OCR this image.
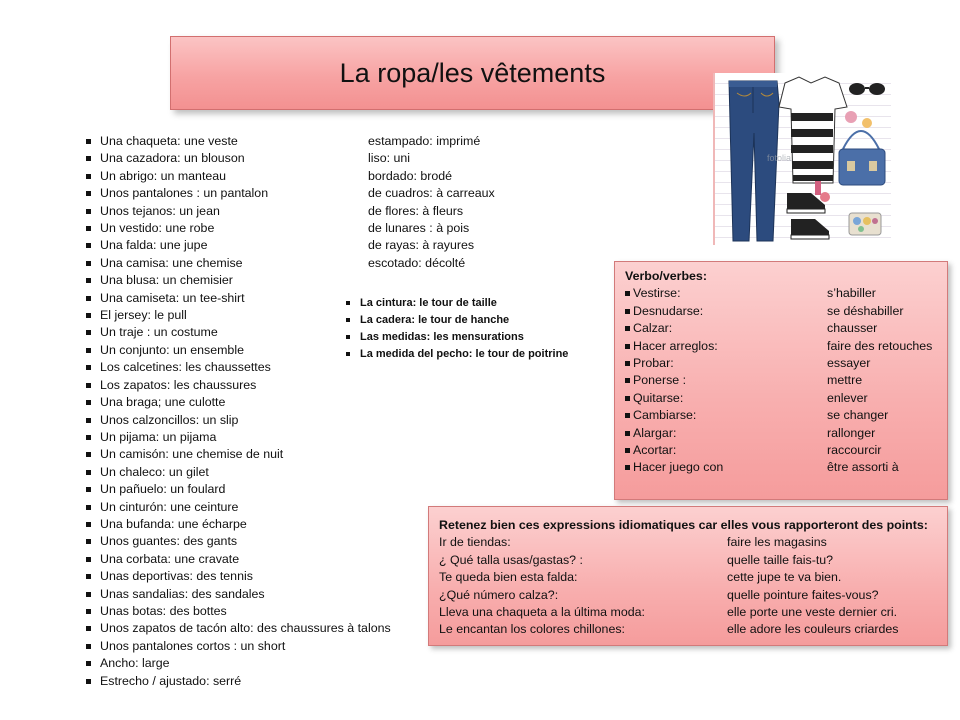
La ropa/les vêtements
Una chaqueta: une veste
Una cazadora: un blouson
Un abrigo: un manteau
Unos pantalones : un pantalon
Unos tejanos: un jean
Un vestido: une robe
Una falda: une jupe
Una camisa: une chemise
Una blusa: un chemisier
Una camiseta: un tee-shirt
El jersey: le pull
Un traje : un costume
Un conjunto: un ensemble
Los calcetines: les chaussettes
Los zapatos: les chaussures
Una braga; une culotte
Unos calzoncillos: un slip
Un pijama: un pijama
Un camisón: une chemise de nuit
Un chaleco: un gilet
Un pañuelo: un foulard
Un cinturón: une ceinture
Una bufanda: une écharpe
Unos guantes: des gants
Una corbata: une cravate
Unas deportivas: des tennis
Unas sandalias: des sandales
Unas botas: des bottes
Unos zapatos de tacón alto: des chaussures à talons
Unos pantalones cortos : un short
Ancho: large
Estrecho / ajustado: serré
estampado: imprimé
liso: uni
bordado: brodé
de cuadros: à carreaux
de flores: à fleurs
de lunares : à pois
de rayas: à rayures
escotado: décolté
La cintura: le tour de taille
La cadera: le tour de hanche
Las medidas: les mensurations
La medida del pecho: le tour de poitrine
fotolia
Verbo/verbes:
Vestirse:	s’habiller
Desnudarse:	se déshabiller
Calzar:	chausser
Hacer arreglos:	faire des retouches
Probar:	essayer
Ponerse :	mettre
Quitarse:	enlever
Cambiarse:	se changer
Alargar:	rallonger
Acortar:	raccourcir
Hacer juego con	être assorti à
Retenez bien ces expressions idiomatiques car elles vous rapporteront des points:
Ir de tiendas:	faire les magasins
¿ Qué talla usas/gastas? :	quelle taille fais-tu?
Te queda bien esta falda:	cette jupe te va bien.
¿Qué número calza?:	quelle pointure faites-vous?
Lleva una chaqueta a la última moda:	elle porte une veste dernier cri.
Le encantan los colores chillones:	elle adore les couleurs criardes
